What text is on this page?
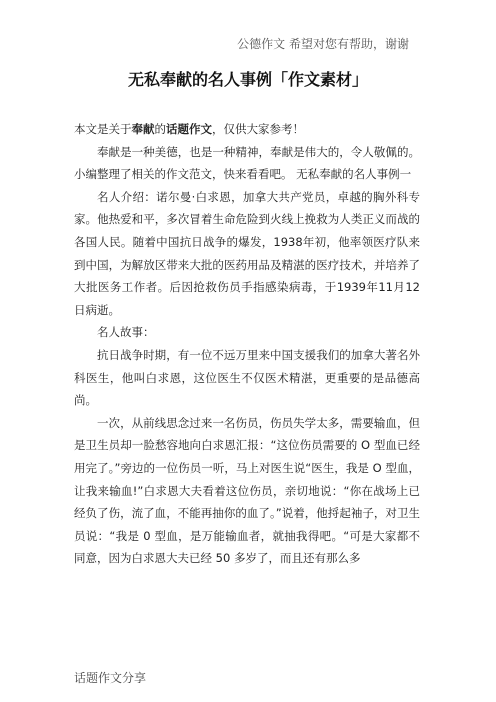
公德作文 希望对您有帮助，谢谢
无私奉献的名人事例「作文素材」

本文是关于奉献的话题作文，仅供大家参考！

奉献是一种美德，也是一种精神，奉献是伟大的，令人敬佩的。小编整理了相关的作文范文，快来看看吧。 无私奉献的名人事例一

名人介绍：诺尔曼·白求恩，加拿大共产党员，卓越的胸外科专家。他热爱和平，多次冒着生命危险到火线上挽救为人类正义而战的各国人民。随着中国抗日战争的爆发，1938年初，他率领医疗队来到中国，为解放区带来大批的医药用品及精湛的医疗技术，并培养了大批医务工作者。后因抢救伤员手指感染病毒，于1939年11月12日病逝。

名人故事：

抗日战争时期，有一位不远万里来中国支援我们的加拿大著名外科医生，他叫白求恩，这位医生不仅医术精湛，更重要的是品德高尚。

一次，从前线思念过来一名伤员，伤员失学太多，需要输血，但是卫生员却一脸愁容地向白求恩汇报：“这位伤员需要的 O 型血已经用完了。”旁边的一位伤员一听，马上对医生说“医生，我是 O 型血，让我来输血!”白求恩大夫看着这位伤员，亲切地说：“你在战场上已经负了伤，流了血，不能再抽你的血了。”说着，他捋起袖子，对卫生员说：“我是 0 型血，是万能输血者，就抽我得吧。“可是大家都不同意，因为白求恩大夫已经 50 多岁了，而且还有那么多

话题作文分享
